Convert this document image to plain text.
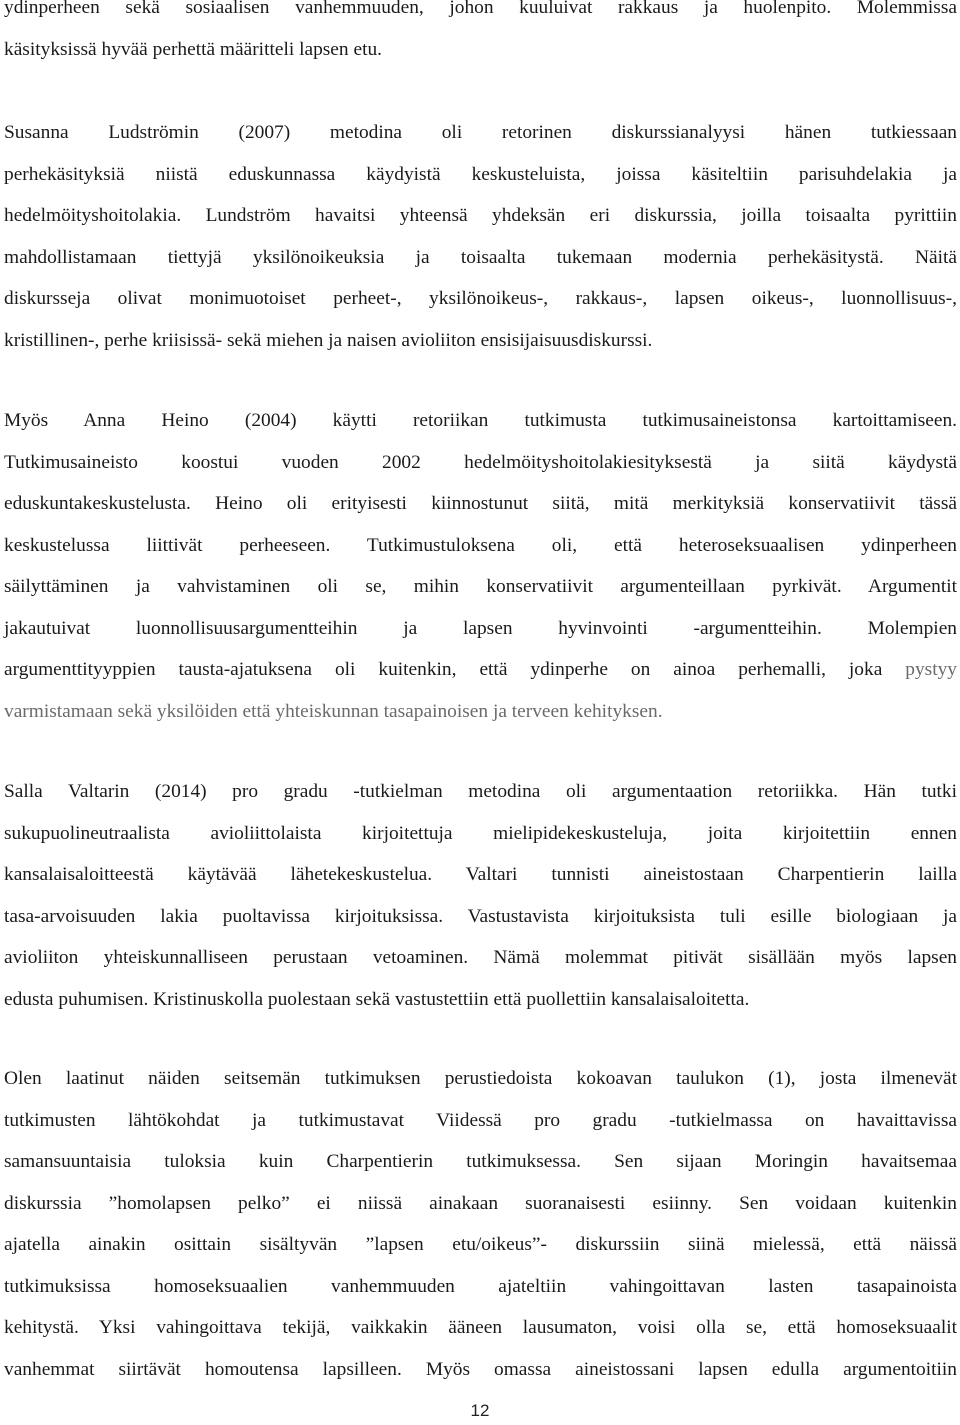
ydinperheen sekä sosiaalisen vanhemmuuden, johon kuuluivat rakkaus ja huolenpito. Molemmissa
käsityksissä hyvää perhettä määritteli lapsen etu.
Susanna Ludströmin (2007) metodina oli retorinen diskurssianalyysi hänen tutkiessaan
perhekäsityksiä niistä eduskunnassa käydyistä keskusteluista, joissa käsiteltiin parisuhdelakia ja
hedelmöityshoitolakia. Lundström havaitsi yhteensä yhdeksän eri diskurssia, joilla toisaalta pyrittiin
mahdollistamaan tiettyjä yksilönoikeuksia ja toisaalta tukemaan modernia perhekäsitystä. Näitä
diskursseja olivat monimuotoiset perheet-, yksilönoikeus-, rakkaus-, lapsen oikeus-, luonnollisuus-,
kristillinen-, perhe kriisissä- sekä miehen ja naisen avioliiton ensisijaisuusdiskurssi.
Myös Anna Heino (2004) käytti retoriikan tutkimusta tutkimusaineistonsa kartoittamiseen.
Tutkimusaineisto koostui vuoden 2002 hedelmöityshoitolakiesityksestä ja siitä käydystä
eduskuntakeskustelusta. Heino oli erityisesti kiinnostunut siitä, mitä merkityksiä konservatiivit tässä
keskustelussa liittivät perheeseen. Tutkimustuloksena oli, että heteroseksuaalisen ydinperheen
säilyttäminen ja vahvistaminen oli se, mihin konservatiivit argumenteillaan pyrkivät. Argumentit
jakautuivat luonnollisuusargumentteihin ja lapsen hyvinvointi -argumentteihin. Molempien
argumenttityyppien tausta-ajatuksena oli kuitenkin, että ydinperhe on ainoa perhemalli, joka pystyy
varmistamaan sekä yksilöiden että yhteiskunnan tasapainoisen ja terveen kehityksen.
Salla Valtarin (2014) pro gradu -tutkielman metodina oli argumentaation retoriikka. Hän tutki
sukupuolineutraalista avioliittolaista kirjoitettuja mielipidekeskusteluja, joita kirjoitettiin ennen
kansalaisaloitteestä käytävää lähetekeskustelua. Valtari tunnisti aineistostaan Charpentierin lailla
tasa-arvoisuuden lakia puoltavissa kirjoituksissa. Vastustavista kirjoituksista tuli esille biologiaan ja
avioliiton yhteiskunnalliseen perustaan vetoaminen. Nämä molemmat pitivät sisällään myös lapsen
edusta puhumisen. Kristinuskolla puolestaan sekä vastustettiin että puollettiin kansalaisaloitetta.
Olen laatinut näiden seitsemän tutkimuksen perustiedoista kokoavan taulukon (1), josta ilmenevät
tutkimusten lähtökohdat ja tutkimustavat Viidessä pro gradu -tutkielmassa on havaittavissa
samansuuntaisia tuloksia kuin Charpentierin tutkimuksessa. Sen sijaan Moringin havaitsemaa
diskurssia ”homolapsen pelko” ei niissä ainakaan suoranaisesti esiinny. Sen voidaan kuitenkin
ajatella ainakin osittain sisältyvän ”lapsen etu/oikeus”- diskurssiin siinä mielessä, että näissä
tutkimuksissa homoseksuaalien vanhemmuuden ajateltiin vahingoittavan lasten tasapainoista
kehitystä. Yksi vahingoittava tekijä, vaikkakin ääneen lausumaton, voisi olla se, että homoseksuaalit
vanhemmat siirtävät homoutensa lapsilleen. Myös omassa aineistossani lapsen edulla argumentoitiin
12
